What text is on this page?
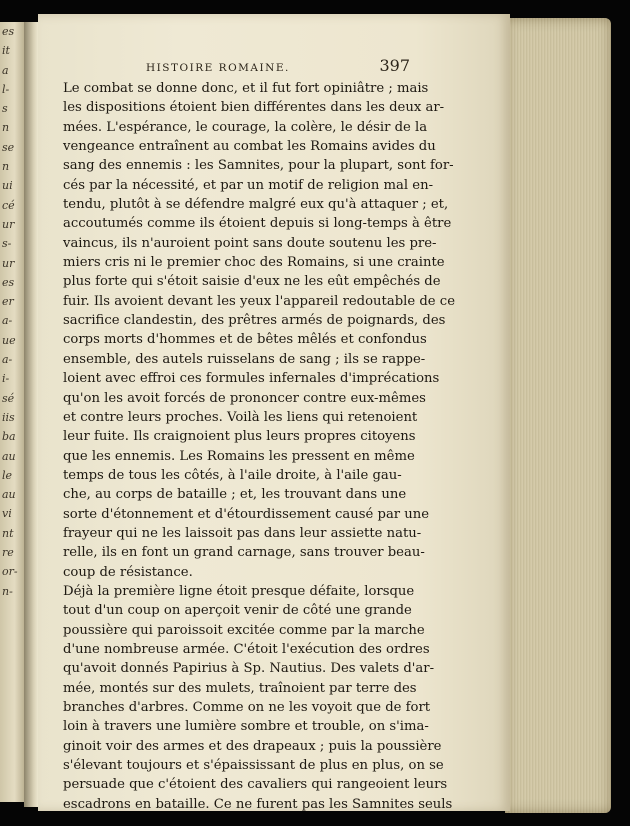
es
it
a
l-
s
n
se
n
ui
cé
ur
s-
ur
es
er
a-
ue
a-
i-
sé
iis
ba
au
le
au
vi
nt
re
or-
n-
HISTOIRE ROMAINE.	397

Le combat se donne donc, et il fut fort opiniâtre ; mais
les dispositions étoient bien différentes dans les deux ar-
mées. L'espérance, le courage, la colère, le désir de la
vengeance entraînent au combat les Romains avides du
sang des ennemis : les Samnites, pour la plupart, sont for-
cés par la nécessité, et par un motif de religion mal en-
tendu, plutôt à se défendre malgré eux qu'à attaquer ; et,
accoutumés comme ils étoient depuis si long-temps à être
vaincus, ils n'auroient point sans doute soutenu les pre-
miers cris ni le premier choc des Romains, si une crainte
plus forte qui s'étoit saisie d'eux ne les eût empêchés de
fuir. Ils avoient devant les yeux l'appareil redoutable de ce
sacrifice clandestin, des prêtres armés de poignards, des
corps morts d'hommes et de bêtes mêlés et confondus
ensemble, des autels ruisselans de sang ; ils se rappe-
loient avec effroi ces formules infernales d'imprécations
qu'on les avoit forcés de prononcer contre eux-mêmes
et contre leurs proches. Voilà les liens qui retenoient
leur fuite. Ils craignoient plus leurs propres citoyens
que les ennemis. Les Romains les pressent en même
temps de tous les côtés, à l'aile droite, à l'aile gau-
che, au corps de bataille ; et, les trouvant dans une
sorte d'étonnement et d'étourdissement causé par une
frayeur qui ne les laissoit pas dans leur assiette natu-
relle, ils en font un grand carnage, sans trouver beau-
coup de résistance.

Déjà la première ligne étoit presque défaite, lorsque
tout d'un coup on aperçoit venir de côté une grande
poussière qui paroissoit excitée comme par la marche
d'une nombreuse armée. C'étoit l'exécution des ordres
qu'avoit donnés Papirius à Sp. Nautius. Des valets d'ar-
mée, montés sur des mulets, traînoient par terre des
branches d'arbres. Comme on ne les voyoit que de fort
loin à travers une lumière sombre et trouble, on s'ima-
ginoit voir des armes et des drapeaux ; puis la poussière
s'élevant toujours et s'épaississant de plus en plus, on se
persuade que c'étoient des cavaliers qui rangeoient leurs
escadrons en bataille. Ce ne furent pas les Samnites seuls
